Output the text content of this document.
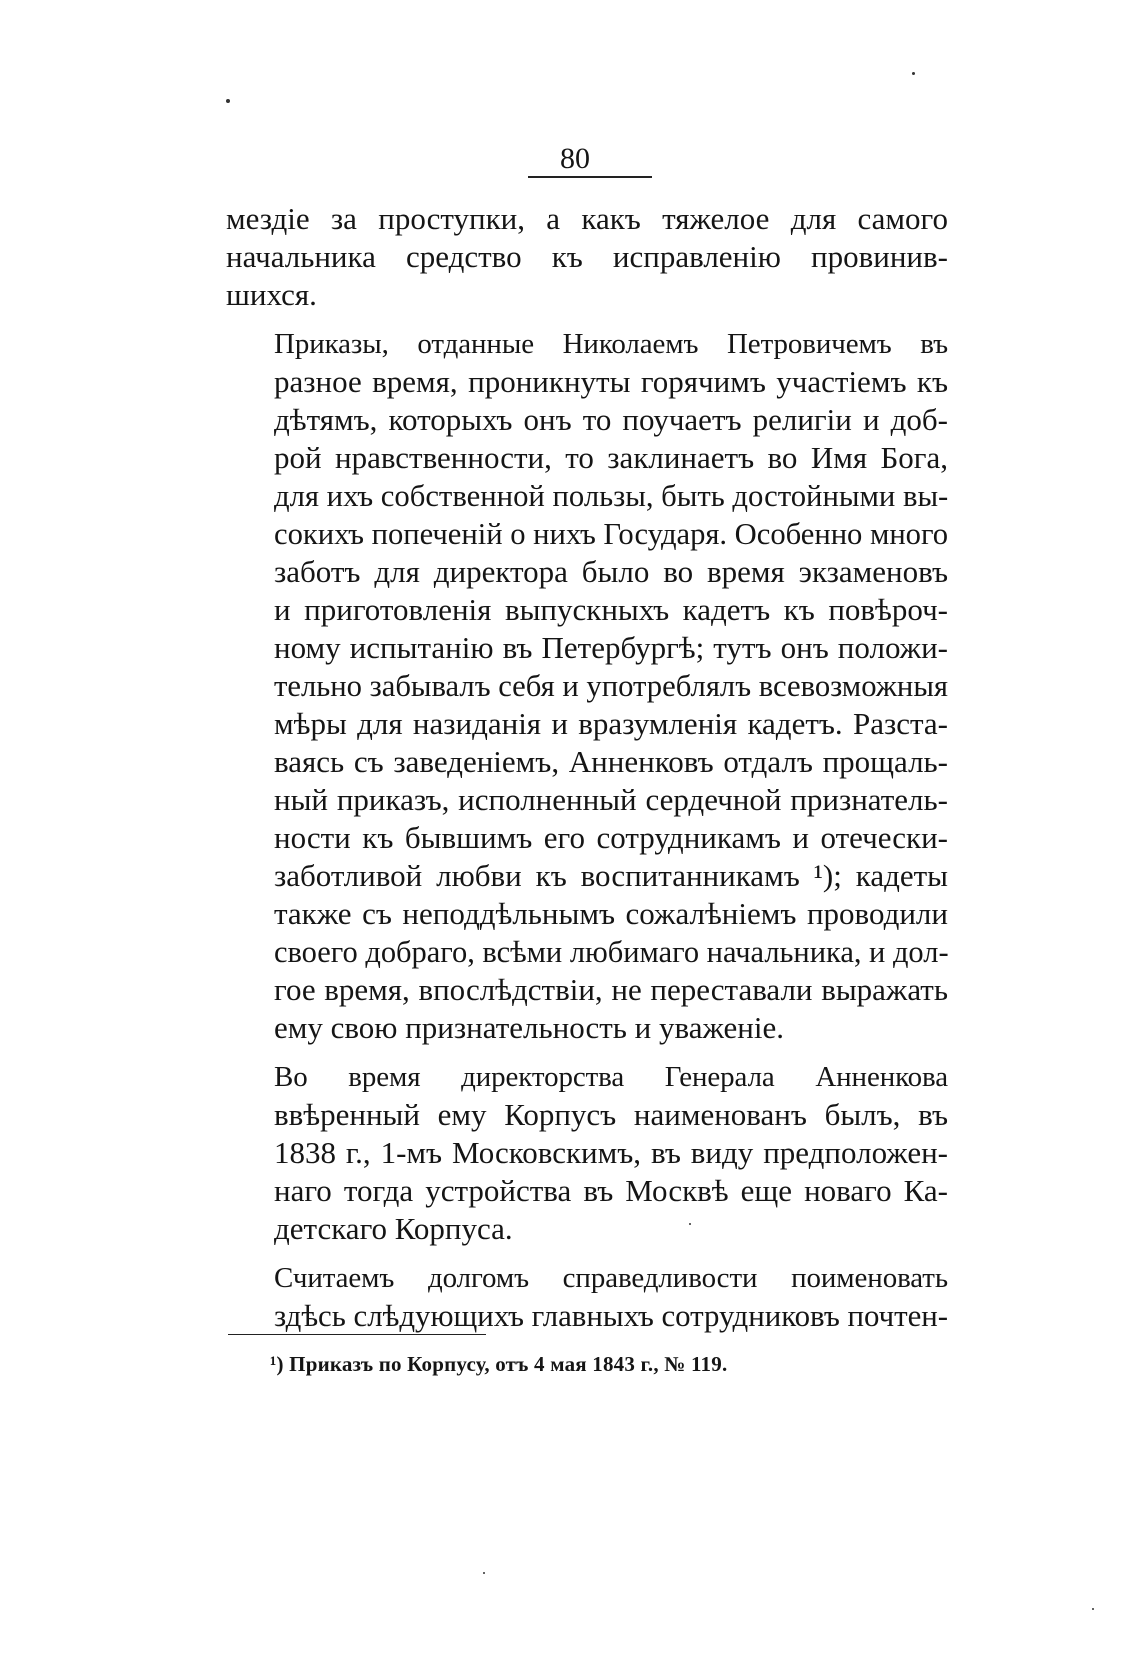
80

мездіе за проступки, а какъ тяжелое для самого
начальника средство къ исправленію провинив-
шихся.

Приказы, отданные Николаемъ Петровичемъ въ
разное время, проникнуты горячимъ участіемъ къ
дѣтямъ, которыхъ онъ то поучаетъ религіи и доб-
рой нравственности, то заклинаетъ во Имя Бога,
для ихъ собственной пользы, быть достойными вы-
сокихъ попеченій о нихъ Государя. Особенно много
заботъ для директора было во время экзаменовъ
и приготовленія выпускныхъ кадетъ къ повѣроч-
ному испытанію въ Петербургѣ; тутъ онъ положи-
тельно забывалъ себя и употреблялъ всевозможныя
мѣры для назиданія и вразумленія кадетъ. Разста-
ваясь съ заведеніемъ, Анненковъ отдалъ прощаль-
ный приказъ, исполненный сердечной признатель-
ности къ бывшимъ его сотрудникамъ и отечески-
заботливой любви къ воспитанникамъ ¹); кадеты
также съ неподдѣльнымъ сожалѣніемъ проводили
своего добраго, всѣми любимаго начальника, и дол-
гое время, впослѣдствіи, не переставали выражать
ему свою признательность и уваженіе.

Во время директорства Генерала Анненкова
ввѣренный ему Корпусъ наименованъ былъ, въ
1838 г., 1-мъ Московскимъ, въ виду предположен-
наго тогда устройства въ Москвѣ еще новаго Ка-
детскаго Корпуса.

Считаемъ долгомъ справедливости поименовать
здѣсь слѣдующихъ главныхъ сотрудниковъ почтен-

¹) Приказъ по Корпусу, отъ 4 мая 1843 г., № 119.
